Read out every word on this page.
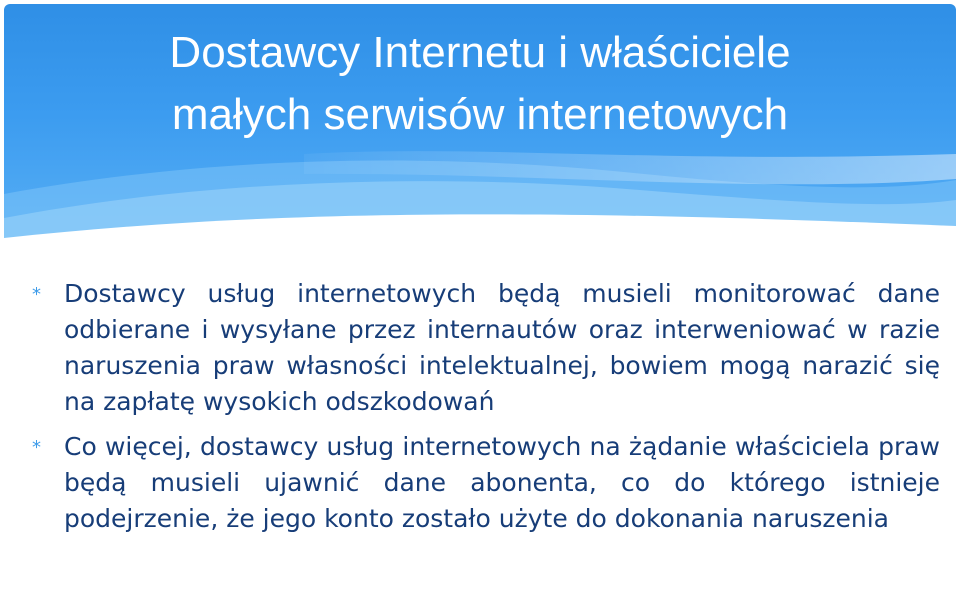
Dostawcy Internetu i właściciele
małych serwisów internetowych
* Dostawcy usług internetowych będą musieli monitorować dane odbierane i wysyłane przez internautów oraz interweniować w razie naruszenia praw własności intelektualnej, bowiem mogą narazić się na zapłatę wysokich odszkodowań
* Co więcej, dostawcy usług internetowych na żądanie właściciela praw będą musieli ujawnić dane abonenta, co do którego istnieje podejrzenie, że jego konto zostało użyte do dokonania naruszenia
